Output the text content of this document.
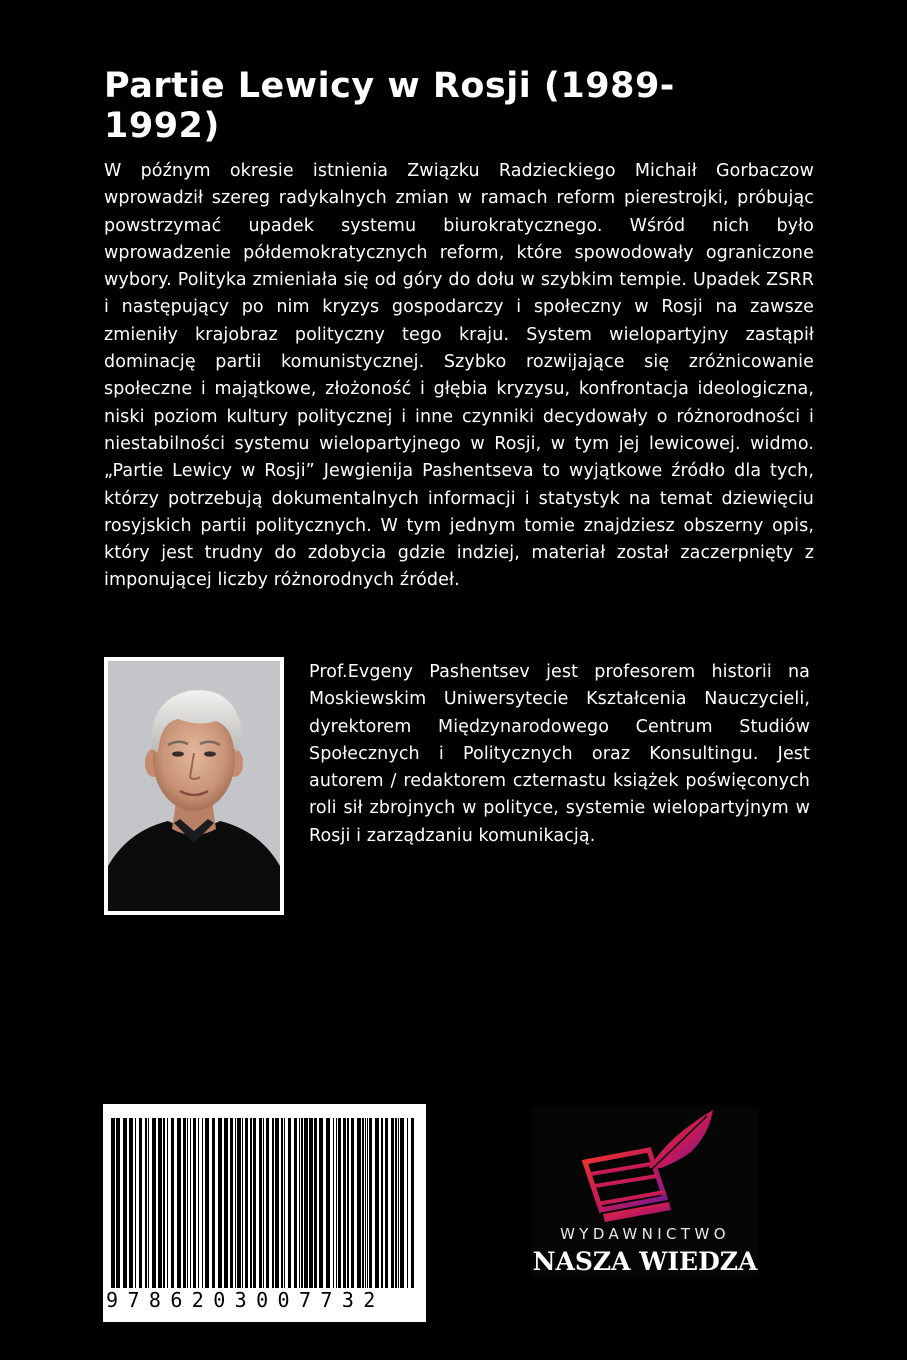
Partie Lewicy w Rosji (1989-1992)

W późnym okresie istnienia Związku Radzieckiego Michaił Gorbaczow wprowadził szereg radykalnych zmian w ramach reform pierestrojki, próbując powstrzymać upadek systemu biurokratycznego. Wśród nich było wprowadzenie półdemokratycznych reform, które spowodowały ograniczone wybory. Polityka zmieniała się od góry do dołu w szybkim tempie. Upadek ZSRR i następujący po nim kryzys gospodarczy i społeczny w Rosji na zawsze zmieniły krajobraz polityczny tego kraju. System wielopartyjny zastąpił dominację partii komunistycznej. Szybko rozwijające się zróżnicowanie społeczne i majątkowe, złożoność i głębia kryzysu, konfrontacja ideologiczna, niski poziom kultury politycznej i inne czynniki decydowały o różnorodności i niestabilności systemu wielopartyjnego w Rosji, w tym jej lewicowej. widmo. „Partie Lewicy w Rosji” Jewgienija Pashentseva to wyjątkowe źródło dla tych, którzy potrzebują dokumentalnych informacji i statystyk na temat dziewięciu rosyjskich partii politycznych. W tym jednym tomie znajdziesz obszerny opis, który jest trudny do zdobycia gdzie indziej, materiał został zaczerpnięty z imponującej liczby różnorodnych źródeł.

Prof.Evgeny Pashentsev jest profesorem historii na Moskiewskim Uniwersytecie Kształcenia Nauczycieli, dyrektorem Międzynarodowego Centrum Studiów Społecznych i Politycznych oraz Konsultingu. Jest autorem / redaktorem czternastu książek poświęconych roli sił zbrojnych w polityce, systemie wielopartyjnym w Rosji i zarządzaniu komunikacją.

9786203007732
WYDAWNICTWO
NASZA WIEDZA
